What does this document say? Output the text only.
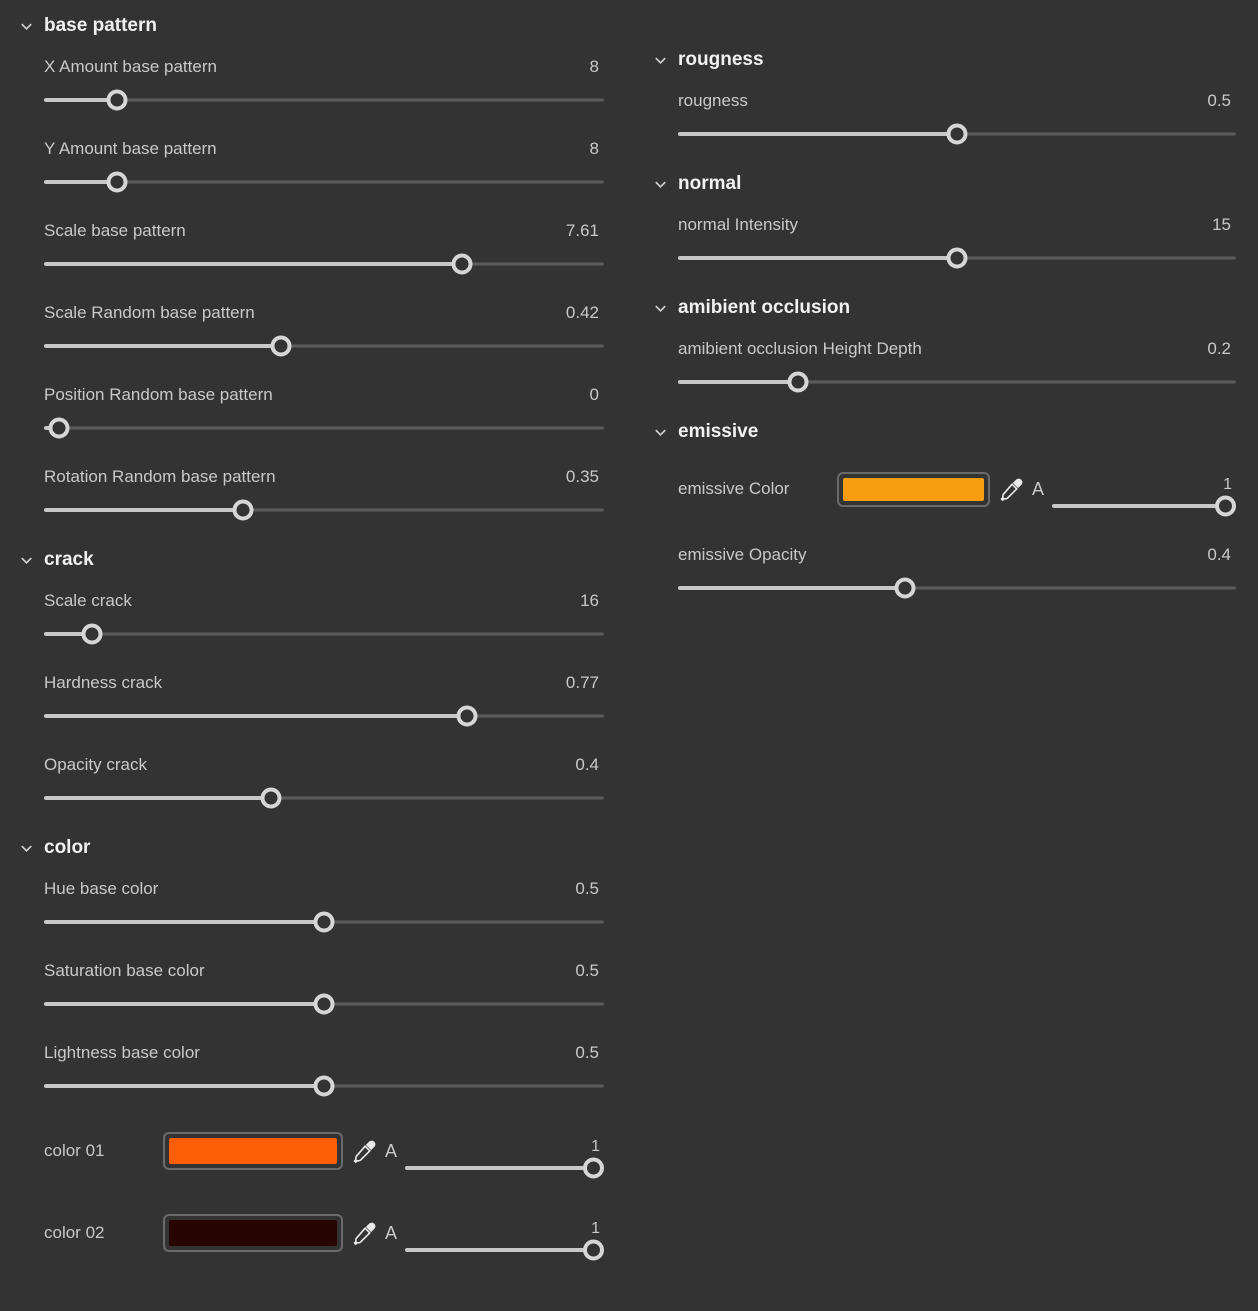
base pattern
X Amount base pattern	8
Y Amount base pattern	8
Scale base pattern	7.61
Scale Random base pattern	0.42
Position Random base pattern	0
Rotation Random base pattern	0.35
crack
Scale crack	16
Hardness crack	0.77
Opacity crack	0.4
color
Hue base color	0.5
Saturation base color	0.5
Lightness base color	0.5
color 01	A	1
color 02	A	1
rougness
rougness	0.5
normal
normal Intensity	15
amibient occlusion
amibient occlusion Height Depth	0.2
emissive
emissive Color	A	1
emissive Opacity	0.4
